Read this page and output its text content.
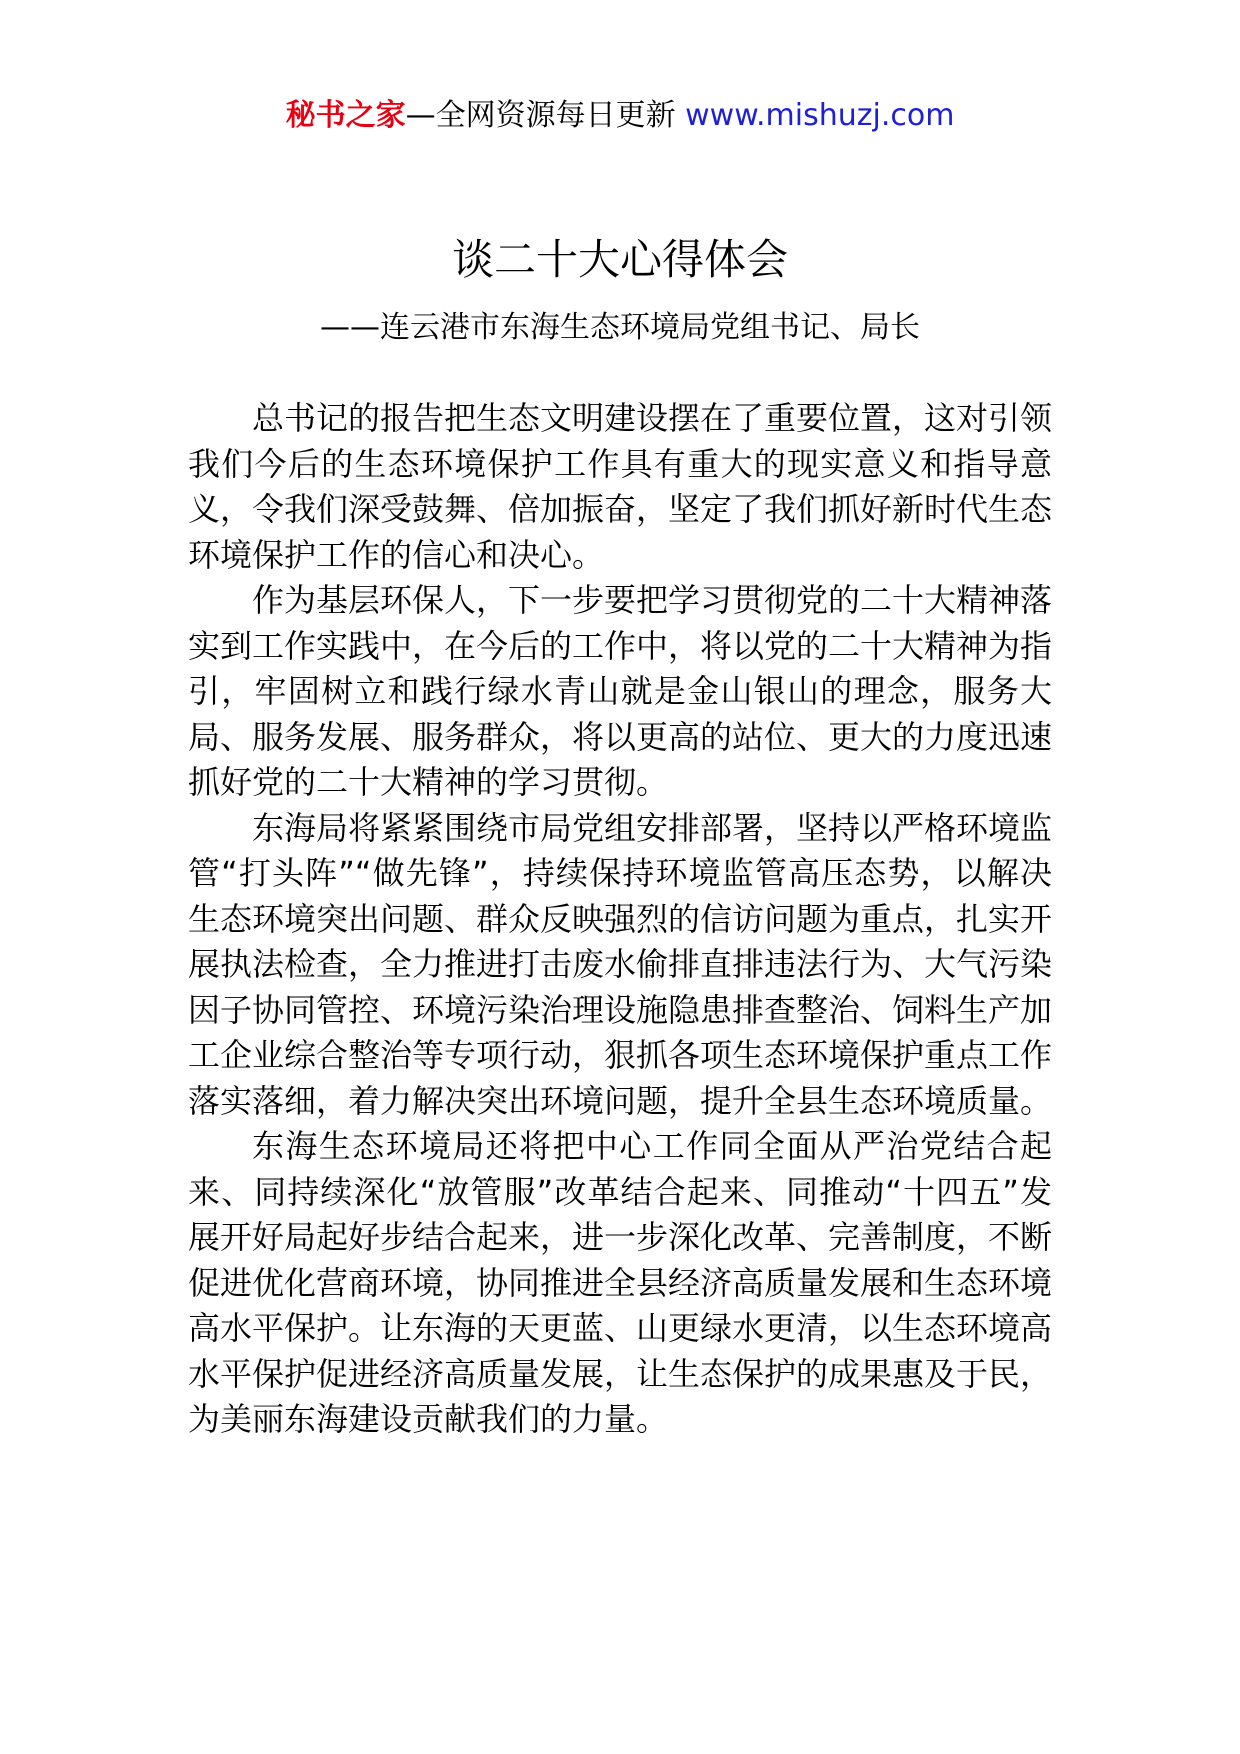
秘书之家—全网资源每日更新 www.mishuzj.com
谈二十大心得体会
——连云港市东海生态环境局党组书记、局长

总书记的报告把生态文明建设摆在了重要位置，这对引领我们今后的生态环境保护工作具有重大的现实意义和指导意义，令我们深受鼓舞、倍加振奋，坚定了我们抓好新时代生态环境保护工作的信心和决心。

作为基层环保人，下一步要把学习贯彻党的二十大精神落实到工作实践中，在今后的工作中，将以党的二十大精神为指引，牢固树立和践行绿水青山就是金山银山的理念，服务大局、服务发展、服务群众，将以更高的站位、更大的力度迅速抓好党的二十大精神的学习贯彻。

东海局将紧紧围绕市局党组安排部署，坚持以严格环境监管“打头阵”“做先锋”，持续保持环境监管高压态势，以解决生态环境突出问题、群众反映强烈的信访问题为重点，扎实开展执法检查，全力推进打击废水偷排直排违法行为、大气污染因子协同管控、环境污染治理设施隐患排查整治、饲料生产加工企业综合整治等专项行动，狠抓各项生态环境保护重点工作落实落细，着力解决突出环境问题，提升全县生态环境质量。

东海生态环境局还将把中心工作同全面从严治党结合起来、同持续深化“放管服”改革结合起来、同推动“十四五”发展开好局起好步结合起来，进一步深化改革、完善制度，不断促进优化营商环境，协同推进全县经济高质量发展和生态环境高水平保护。让东海的天更蓝、山更绿水更清，以生态环境高水平保护促进经济高质量发展，让生态保护的成果惠及于民，为美丽东海建设贡献我们的力量。
